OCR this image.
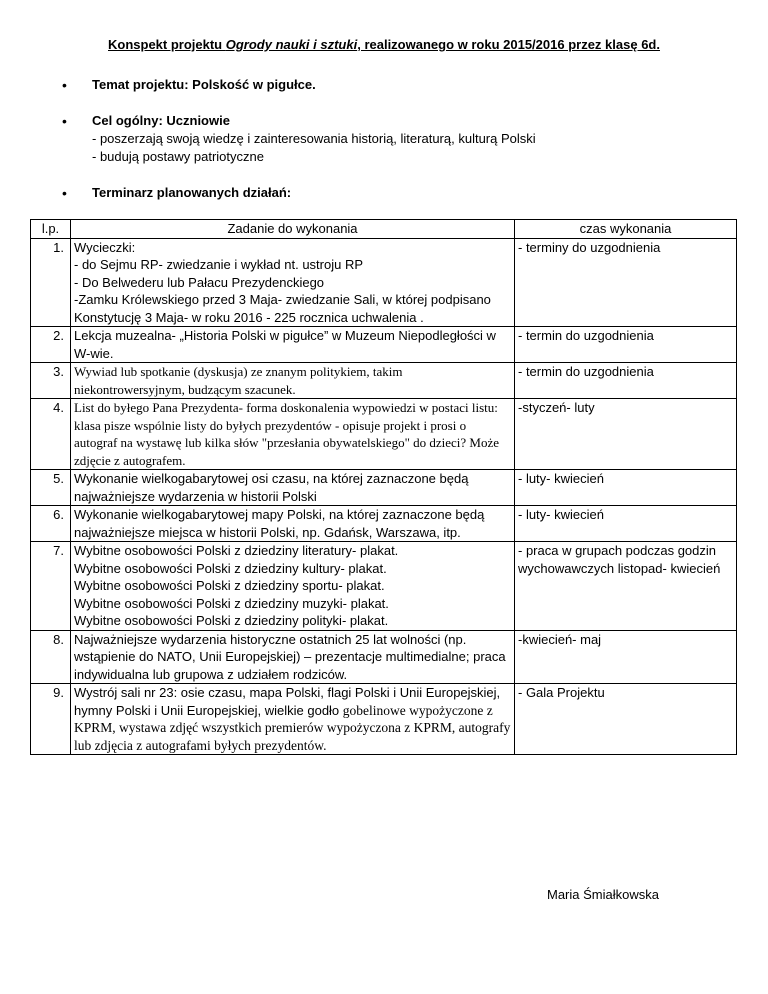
Konspekt projektu Ogrody nauki i sztuki, realizowanego w roku 2015/2016 przez klasę 6d.
• Temat projektu: Polskość w pigułce.
• Cel ogólny: Uczniowie
- poszerzają swoją wiedzę i zainteresowania historią, literaturą, kulturą Polski
- budują postawy patriotyczne
• Terminarz planowanych działań:
l.p.	Zadanie do wykonania	czas wykonania
1.	Wycieczki:
- do Sejmu RP- zwiedzanie i wykład nt. ustroju RP
- Do Belwederu lub Pałacu Prezydenckiego
-Zamku Królewskiego przed 3 Maja- zwiedzanie Sali, w której podpisano Konstytucję 3 Maja- w roku 2016 - 225 rocznica uchwalenia .	- terminy do uzgodnienia
2.	Lekcja muzealna- „Historia Polski w pigułce” w Muzeum Niepodległości w W-wie.	- termin do uzgodnienia
3.	Wywiad lub spotkanie (dyskusja) ze znanym politykiem, takim niekontrowersyjnym, budzącym szacunek.	- termin do uzgodnienia
4.	List do byłego Pana Prezydenta- forma doskonalenia wypowiedzi w postaci listu: klasa pisze wspólnie listy do byłych prezydentów - opisuje projekt i prosi o autograf na wystawę lub kilka słów "przesłania obywatelskiego" do dzieci? Może zdjęcie z autografem.	-styczeń- luty
5.	Wykonanie wielkogabarytowej osi czasu, na której zaznaczone będą najważniejsze wydarzenia w historii Polski	- luty- kwiecień
6.	Wykonanie wielkogabarytowej mapy Polski, na której zaznaczone będą najważniejsze miejsca w historii Polski, np. Gdańsk, Warszawa, itp.	- luty- kwiecień
7.	Wybitne osobowości Polski z dziedziny literatury- plakat.
Wybitne osobowości Polski z dziedziny kultury- plakat.
Wybitne osobowości Polski z dziedziny sportu- plakat.
Wybitne osobowości Polski z dziedziny muzyki- plakat.
Wybitne osobowości Polski z dziedziny polityki- plakat.	- praca w grupach podczas godzin wychowawczych listopad- kwiecień
8.	Najważniejsze wydarzenia historyczne ostatnich 25 lat wolności (np. wstąpienie do NATO, Unii Europejskiej) – prezentacje multimedialne; praca indywidualna lub grupowa z udziałem rodziców.	-kwiecień- maj
9.	Wystrój sali nr 23: osie czasu, mapa Polski, flagi Polski i Unii Europejskiej, hymny Polski i Unii Europejskiej, wielkie godło gobelinowe wypożyczone z KPRM, wystawa zdjęć wszystkich premierów wypożyczona z KPRM, autografy lub zdjęcia z autografami byłych prezydentów.	- Gala Projektu
Maria Śmiałkowska
